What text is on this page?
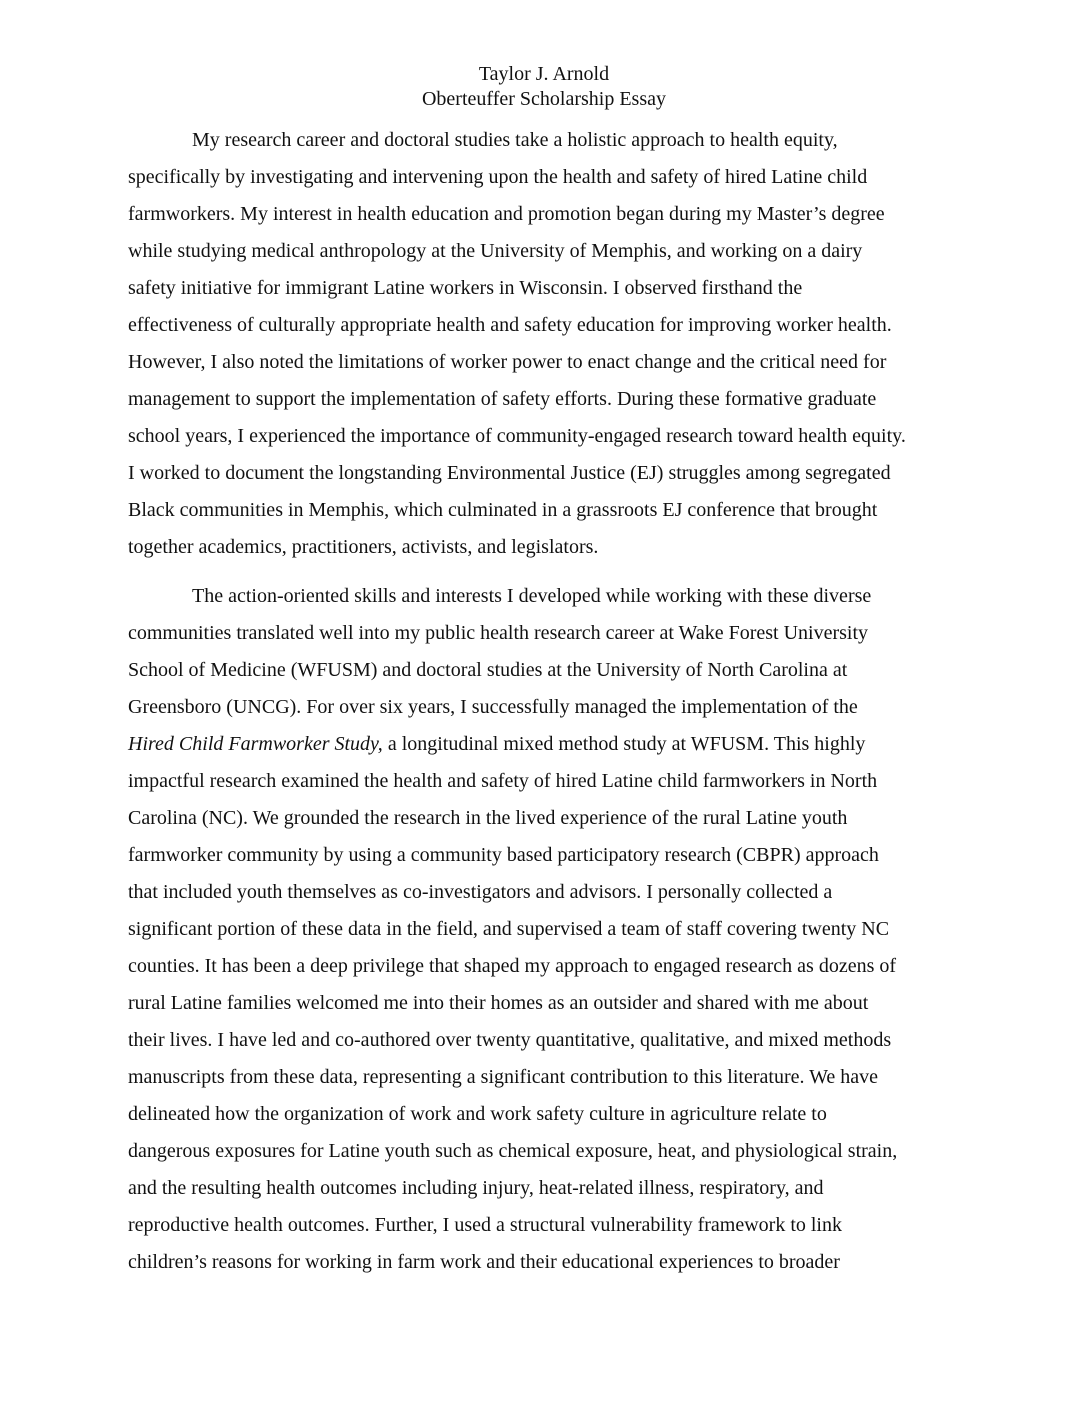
Taylor J. Arnold
Oberteuffer Scholarship Essay
My research career and doctoral studies take a holistic approach to health equity,
specifically by investigating and intervening upon the health and safety of hired Latine child
farmworkers. My interest in health education and promotion began during my Master’s degree
while studying medical anthropology at the University of Memphis, and working on a dairy
safety initiative for immigrant Latine workers in Wisconsin. I observed firsthand the
effectiveness of culturally appropriate health and safety education for improving worker health.
However, I also noted the limitations of worker power to enact change and the critical need for
management to support the implementation of safety efforts. During these formative graduate
school years, I experienced the importance of community-engaged research toward health equity.
I worked to document the longstanding Environmental Justice (EJ) struggles among segregated
Black communities in Memphis, which culminated in a grassroots EJ conference that brought
together academics, practitioners, activists, and legislators.
The action-oriented skills and interests I developed while working with these diverse
communities translated well into my public health research career at Wake Forest University
School of Medicine (WFUSM) and doctoral studies at the University of North Carolina at
Greensboro (UNCG). For over six years, I successfully managed the implementation of the
Hired Child Farmworker Study, a longitudinal mixed method study at WFUSM. This highly
impactful research examined the health and safety of hired Latine child farmworkers in North
Carolina (NC). We grounded the research in the lived experience of the rural Latine youth
farmworker community by using a community based participatory research (CBPR) approach
that included youth themselves as co-investigators and advisors. I personally collected a
significant portion of these data in the field, and supervised a team of staff covering twenty NC
counties. It has been a deep privilege that shaped my approach to engaged research as dozens of
rural Latine families welcomed me into their homes as an outsider and shared with me about
their lives. I have led and co-authored over twenty quantitative, qualitative, and mixed methods
manuscripts from these data, representing a significant contribution to this literature. We have
delineated how the organization of work and work safety culture in agriculture relate to
dangerous exposures for Latine youth such as chemical exposure, heat, and physiological strain,
and the resulting health outcomes including injury, heat-related illness, respiratory, and
reproductive health outcomes. Further, I used a structural vulnerability framework to link
children’s reasons for working in farm work and their educational experiences to broader
